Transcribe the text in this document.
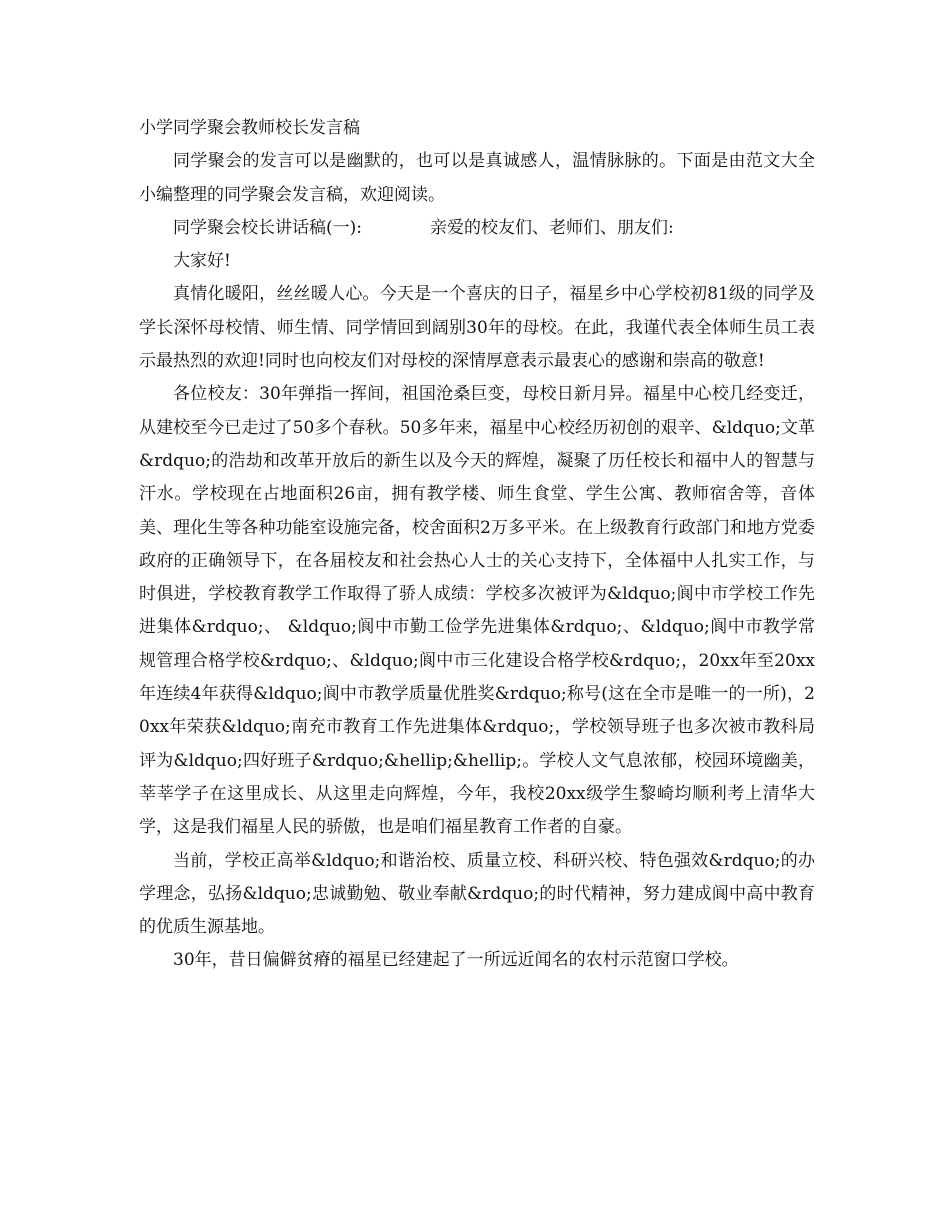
小学同学聚会教师校长发言稿

同学聚会的发言可以是幽默的，也可以是真诚感人，温情脉脉的。下面是由范文大全小编整理的同学聚会发言稿，欢迎阅读。

同学聚会校长讲话稿(一):	亲爱的校友们、老师们、朋友们:

大家好!

真情化暖阳，丝丝暖人心。今天是一个喜庆的日子，福星乡中心学校初81级的同学及学长深怀母校情、师生情、同学情回到阔别30年的母校。在此，我谨代表全体师生员工表示最热烈的欢迎!同时也向校友们对母校的深情厚意表示最衷心的感谢和崇高的敬意!

各位校友：30年弹指一挥间，祖国沧桑巨变，母校日新月异。福星中心校几经变迁，从建校至今已走过了50多个春秋。50多年来，福星中心校经历初创的艰辛、&ldquo;文革&rdquo;的浩劫和改革开放后的新生以及今天的辉煌，凝聚了历任校长和福中人的智慧与汗水。学校现在占地面积26亩，拥有教学楼、师生食堂、学生公寓、教师宿舍等，音体美、理化生等各种功能室设施完备，校舍面积2万多平米。在上级教育行政部门和地方党委政府的正确领导下，在各届校友和社会热心人士的关心支持下，全体福中人扎实工作，与时俱进，学校教育教学工作取得了骄人成绩：学校多次被评为&ldquo;阆中市学校工作先进集体&rdquo;、 &ldquo;阆中市勤工俭学先进集体&rdquo;、&ldquo;阆中市教学常规管理合格学校&rdquo;、&ldquo;阆中市三化建设合格学校&rdquo;，20xx年至20xx年连续4年获得&ldquo;阆中市教学质量优胜奖&rdquo;称号(这在全市是唯一的一所)，20xx年荣获&ldquo;南充市教育工作先进集体&rdquo;，学校领导班子也多次被市教科局评为&ldquo;四好班子&rdquo;&hellip;&hellip;。学校人文气息浓郁，校园环境幽美，莘莘学子在这里成长、从这里走向辉煌，今年，我校20xx级学生黎崎均顺利考上清华大学，这是我们福星人民的骄傲，也是咱们福星教育工作者的自豪。

当前，学校正高举&ldquo;和谐治校、质量立校、科研兴校、特色强效&rdquo;的办学理念，弘扬&ldquo;忠诚勤勉、敬业奉献&rdquo;的时代精神，努力建成阆中高中教育的优质生源基地。

30年，昔日偏僻贫瘠的福星已经建起了一所远近闻名的农村示范窗口学校。
